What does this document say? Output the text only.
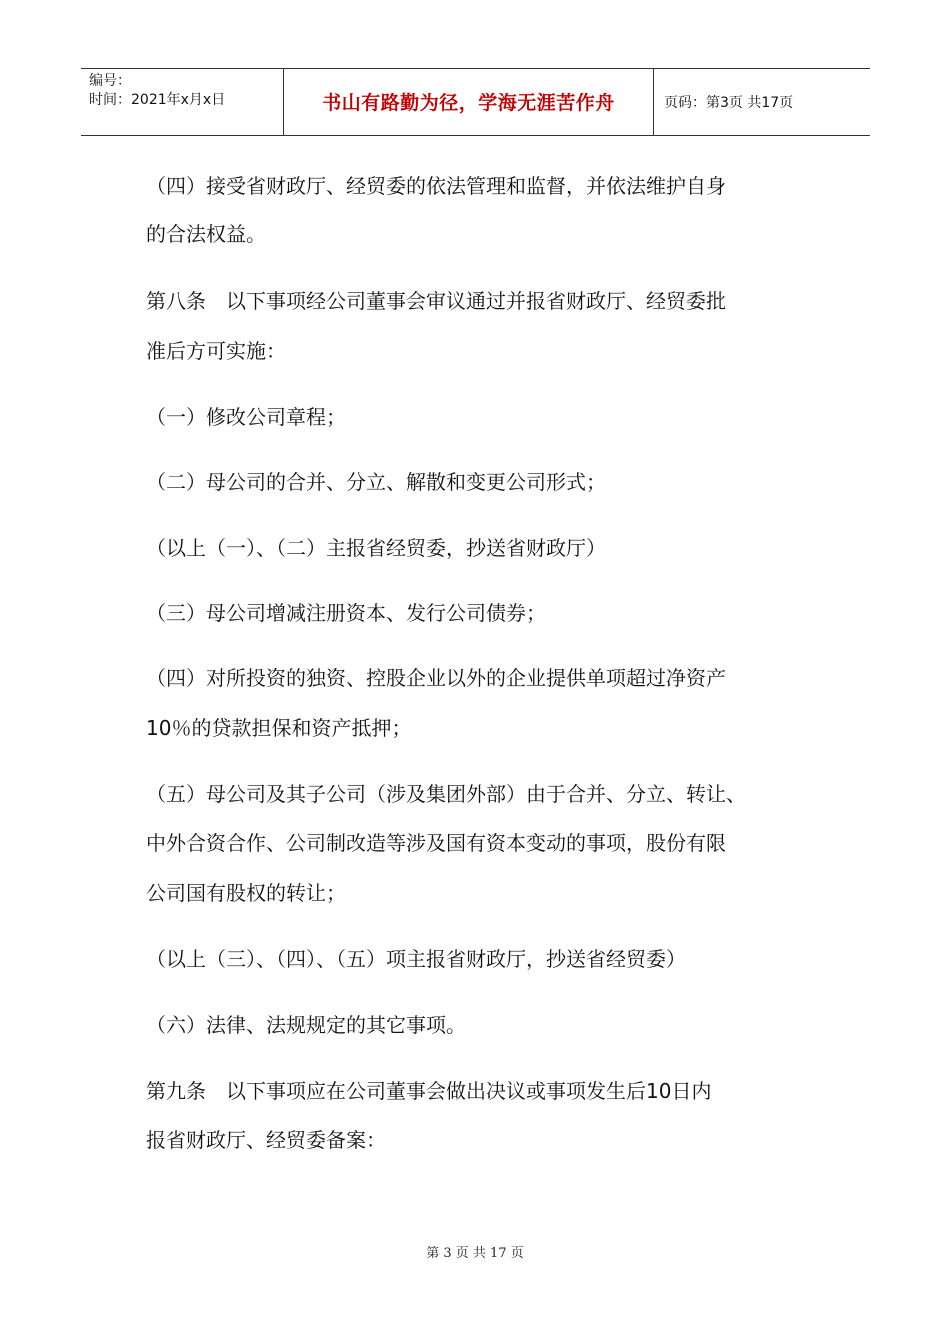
编号：
时间：2021年x月x日	书山有路勤为径，学海无涯苦作舟	页码：第3页 共17页
（四）接受省财政厅、经贸委的依法管理和监督，并依法维护自身
的合法权益。
第八条　以下事项经公司董事会审议通过并报省财政厅、经贸委批
准后方可实施：
（一）修改公司章程；
（二）母公司的合并、分立、解散和变更公司形式；
（以上（一）、（二）主报省经贸委，抄送省财政厅）
（三）母公司增减注册资本、发行公司债券；
（四）对所投资的独资、控股企业以外的企业提供单项超过净资产
10％的贷款担保和资产抵押；
（五）母公司及其子公司（涉及集团外部）由于合并、分立、转让、
中外合资合作、公司制改造等涉及国有资本变动的事项，股份有限
公司国有股权的转让；
（以上（三）、（四）、（五）项主报省财政厅，抄送省经贸委）
（六）法律、法规规定的其它事项。
第九条　以下事项应在公司董事会做出决议或事项发生后10日内
报省财政厅、经贸委备案：
第 3 页 共 17 页
